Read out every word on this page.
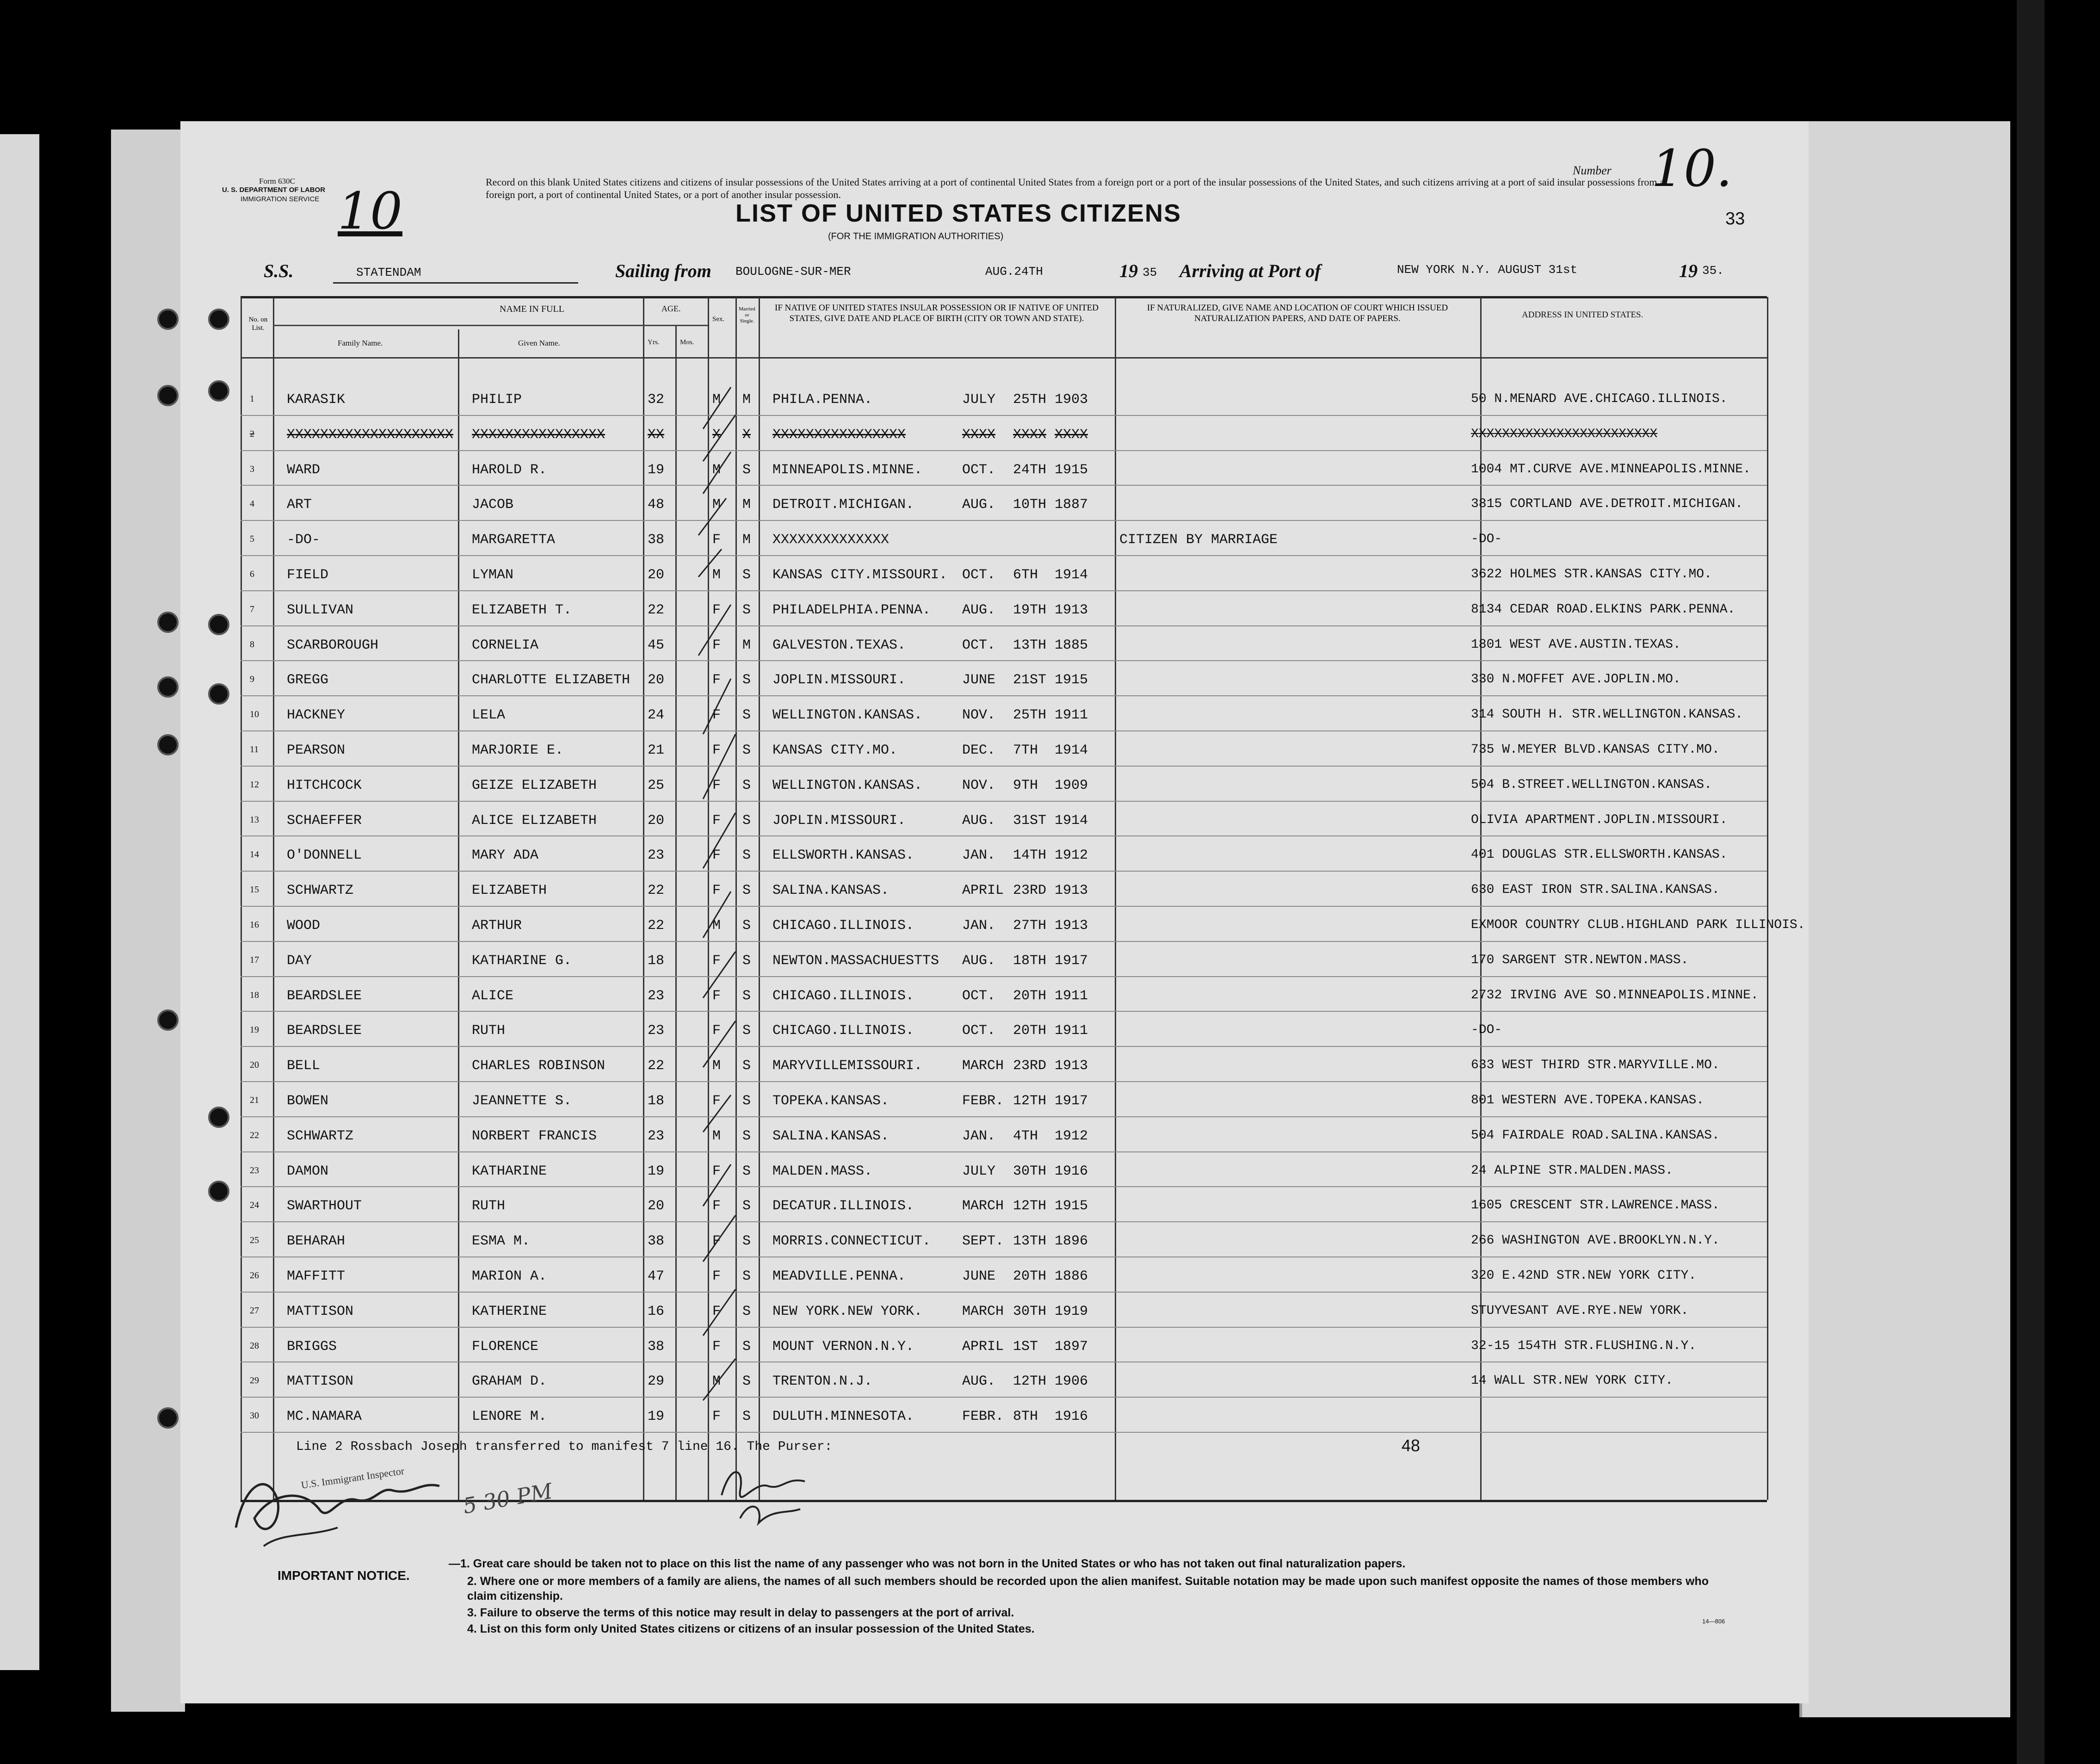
Form 630C
U. S. DEPARTMENT OF LABOR
IMMIGRATION SERVICE 10	Record on this blank United States citizens and citizens of insular possessions of the United States arriving at a port of continental United States from a foreign port or a port of the insular possessions of the United States, and such citizens arriving at a port of said insular possessions from a foreign port, a port of continental United States, or a port of another insular possession.
Number 10.
33
LIST OF UNITED STATES CITIZENS
(FOR THE IMMIGRATION AUTHORITIES)
S.S.	STATENDAM	Sailing from BOULOGNE-SUR-MER	AUG.24TH	19 35 Arriving at Port of	NEW YORK N.Y. AUGUST 31st	19 35.
No. on List.
NAME IN FULL
Family Name.	Given Name.
AGE.
Yrs.	Mos.
Sex.
Married or Single.
IF NATIVE OF UNITED STATES INSULAR POSSESSION OR IF NATIVE OF UNITED STATES, GIVE DATE AND PLACE OF BIRTH (CITY OR TOWN AND STATE).
IF NATURALIZED, GIVE NAME AND LOCATION OF COURT WHICH ISSUED NATURALIZATION PAPERS, AND DATE OF PAPERS.	ADDRESS IN UNITED STATES.
1 KARASIK	PHILIP	32	M M PHILA.PENNA.	JULY 25TH 1903	50 N.MENARD AVE.CHICAGO.ILLINOIS.
2 XXXXXXXXXXXXXXXXXXXX XXXXXXXXXXXXXXXX	XX	X X XXXXXXXXXXXXXXXX	XXXX XXXX XXXX	XXXXXXXXXXXXXXXXXXXXXXXX
3 WARD	HAROLD R.	19	M S MINNEAPOLIS.MINNE.	OCT. 24TH 1915	1004 MT.CURVE AVE.MINNEAPOLIS.MINNE.
4 ART	JACOB	48	M M DETROIT.MICHIGAN.	AUG. 10TH 1887	3815 CORTLAND AVE.DETROIT.MICHIGAN.
5 -DO-	MARGARETTA	38	F M XXXXXXXXXXXXXX	CITIZEN BY MARRIAGE	-DO-
6 FIELD	LYMAN	20	M S KANSAS CITY.MISSOURI. OCT. 6TH 1914	3622 HOLMES STR.KANSAS CITY.MO.
7 SULLIVAN	ELIZABETH T.	22	F S PHILADELPHIA.PENNA. AUG. 19TH 1913	8134 CEDAR ROAD.ELKINS PARK.PENNA.
8 SCARBOROUGH	CORNELIA	45	F M GALVESTON.TEXAS.	OCT. 13TH 1885	1801 WEST AVE.AUSTIN.TEXAS.
9 GREGG	CHARLOTTE ELIZABETH 20	F S JOPLIN.MISSOURI.	JUNE 21ST 1915	330 N.MOFFET AVE.JOPLIN.MO.
10 HACKNEY	LELA	24	F S WELLINGTON.KANSAS.	NOV. 25TH 1911	314 SOUTH H. STR.WELLINGTON.KANSAS.
11 PEARSON	MARJORIE E.	21	F S KANSAS CITY.MO.	DEC. 7TH 1914	735 W.MEYER BLVD.KANSAS CITY.MO.
12 HITCHCOCK	GEIZE ELIZABETH	25	F S WELLINGTON.KANSAS.	NOV. 9TH 1909	504 B.STREET.WELLINGTON.KANSAS.
13 SCHAEFFER	ALICE ELIZABETH	20	F S JOPLIN.MISSOURI.	AUG. 31ST 1914	OLIVIA APARTMENT.JOPLIN.MISSOURI.
14 O'DONNELL	MARY ADA	23	F S ELLSWORTH.KANSAS.	JAN. 14TH 1912	401 DOUGLAS STR.ELLSWORTH.KANSAS.
15 SCHWARTZ	ELIZABETH	22	F S SALINA.KANSAS.	APRIL 23RD 1913	630 EAST IRON STR.SALINA.KANSAS.
16 WOOD	ARTHUR	22	M S CHICAGO.ILLINOIS.	JAN. 27TH 1913	EXMOOR COUNTRY CLUB.HIGHLAND PARK ILLINOIS.
17 DAY	KATHARINE G.	18	F S NEWTON.MASSACHUESTTS AUG. 18TH 1917	170 SARGENT STR.NEWTON.MASS.
18 BEARDSLEE	ALICE	23	F S CHICAGO.ILLINOIS.	OCT. 20TH 1911	2732 IRVING AVE SO.MINNEAPOLIS.MINNE.
19 BEARDSLEE	RUTH	23	F S CHICAGO.ILLINOIS.	OCT. 20TH 1911	-DO-
20 BELL	CHARLES ROBINSON	22	M S MARYVILLEMISSOURI.	MARCH 23RD 1913	633 WEST THIRD STR.MARYVILLE.MO.
21 BOWEN	JEANNETTE S.	18	F S TOPEKA.KANSAS.	FEBR. 12TH 1917	801 WESTERN AVE.TOPEKA.KANSAS.
22 SCHWARTZ	NORBERT FRANCIS	23	M S SALINA.KANSAS.	JAN. 4TH 1912	504 FAIRDALE ROAD.SALINA.KANSAS.
23 DAMON	KATHARINE	19	F S MALDEN.MASS.	JULY 30TH 1916	24 ALPINE STR.MALDEN.MASS.
24 SWARTHOUT	RUTH	20	F S DECATUR.ILLINOIS.	MARCH 12TH 1915	1605 CRESCENT STR.LAWRENCE.MASS.
25 BEHARAH	ESMA M.	38	F S MORRIS.CONNECTICUT. SEPT. 13TH 1896	266 WASHINGTON AVE.BROOKLYN.N.Y.
26 MAFFITT	MARION A.	47	F S MEADVILLE.PENNA.	JUNE 20TH 1886	320 E.42ND STR.NEW YORK CITY.
27 MATTISON	KATHERINE	16	F S NEW YORK.NEW YORK.	MARCH 30TH 1919	STUYVESANT AVE.RYE.NEW YORK.
28 BRIGGS	FLORENCE	38	F S MOUNT VERNON.N.Y.	APRIL 1ST 1897	32-15 154TH STR.FLUSHING.N.Y.
29 MATTISON	GRAHAM D.	29	M S TRENTON.N.J.	AUG. 12TH 1906	14 WALL STR.NEW YORK CITY.
30 MC.NAMARA	LENORE M.	19	F S DULUTH.MINNESOTA.	FEBR. 8TH 1916
Line 2 Rossbach Joseph transferred to manifest 7 line 16. The Purser:	48
U.S. Immigrant Inspector
5 30 PM
IMPORTANT NOTICE.
—1. Great care should be taken not to place on this list the name of any passenger who was not born in the United States or who has not taken out final naturalization papers.
2. Where one or more members of a family are aliens, the names of all such members should be recorded upon the alien manifest. Suitable notation may be made upon such manifest opposite the names of those members who claim citizenship.
3. Failure to observe the terms of this notice may result in delay to passengers at the port of arrival.
4. List on this form only United States citizens or citizens of an insular possession of the United States.
14—806
